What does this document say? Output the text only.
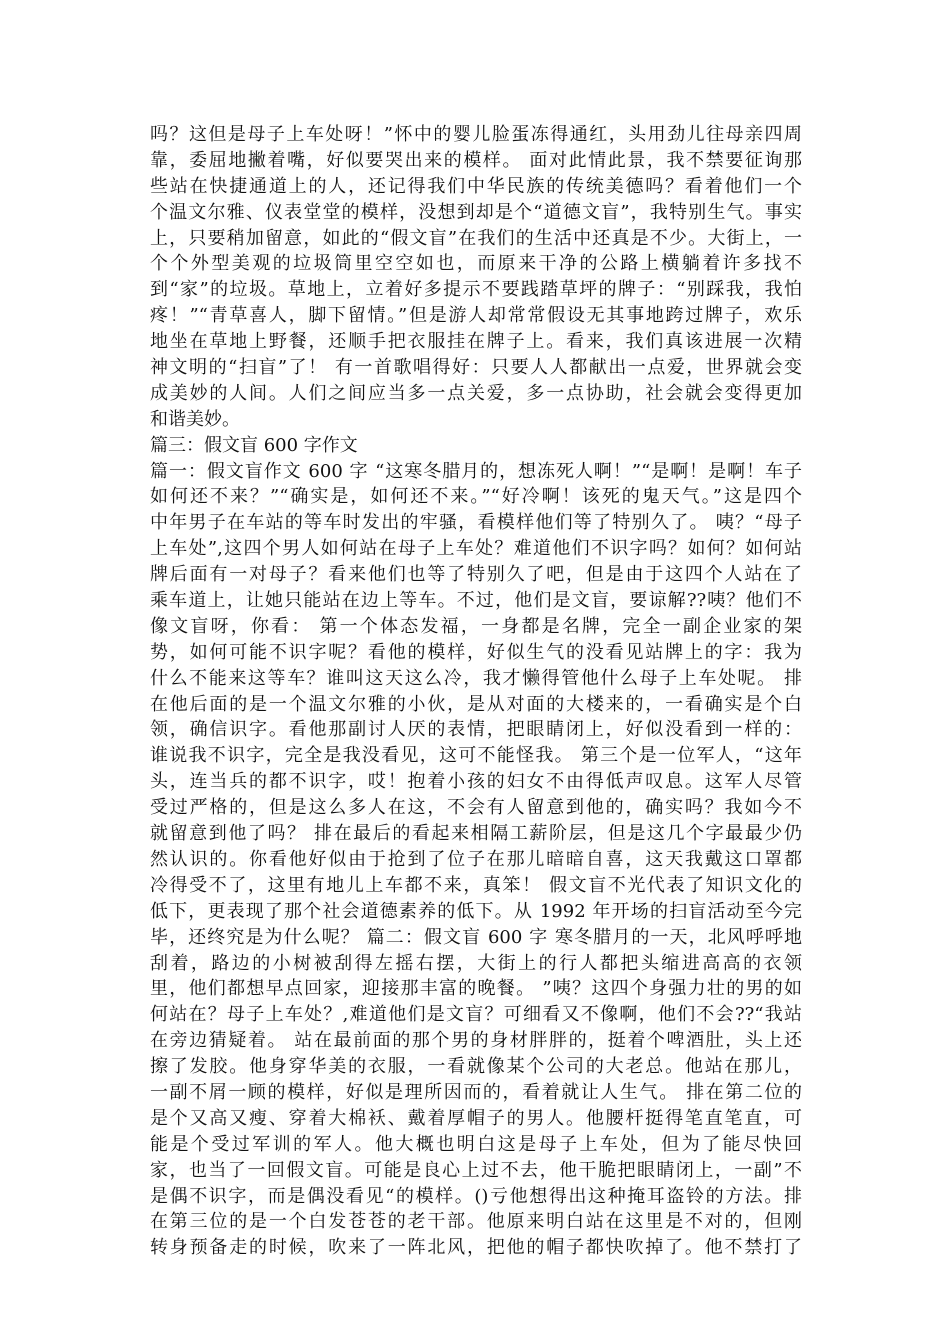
吗？这但是母子上车处呀！”怀中的婴儿脸蛋冻得通红，头用劲儿往母亲四周
靠，委屈地撇着嘴，好似要哭出来的模样。 面对此情此景，我不禁要征询那
些站在快捷通道上的人，还记得我们中华民族的传统美德吗？看着他们一个
个温文尔雅、仪表堂堂的模样，没想到却是个“道德文盲”，我特别生气。事实
上，只要稍加留意，如此的“假文盲”在我们的生活中还真是不少。大街上，一
个个外型美观的垃圾筒里空空如也，而原来干净的公路上横躺着许多找不
到“家”的垃圾。草地上，立着好多提示不要践踏草坪的牌子：“别踩我，我怕
疼！”“青草喜人，脚下留情。”但是游人却常常假设无其事地跨过牌子，欢乐
地坐在草地上野餐，还顺手把衣服挂在牌子上。看来，我们真该进展一次精
神文明的“扫盲”了！ 有一首歌唱得好：只要人人都献出一点爱，世界就会变
成美妙的人间。人们之间应当多一点关爱，多一点协助，社会就会变得更加
和谐美妙。
篇三：假文盲 600 字作文
篇一：假文盲作文 600 字 “这寒冬腊月的，想冻死人啊！”“是啊！是啊！车子
如何还不来？”“确实是，如何还不来。”“好冷啊！该死的鬼天气。”这是四个
中年男子在车站的等车时发出的牢骚，看模样他们等了特别久了。 咦？“母子
上车处”,这四个男人如何站在母子上车处？难道他们不识字吗？如何？如何站
牌后面有一对母子？看来他们也等了特别久了吧，但是由于这四个人站在了
乘车道上，让她只能站在边上等车。不过，他们是文盲，要谅解??咦？他们不
像文盲呀，你看： 第一个体态发福，一身都是名牌，完全一副企业家的架
势，如何可能不识字呢？看他的模样，好似生气的没看见站牌上的字：我为
什么不能来这等车？谁叫这天这么冷，我才懒得管他什么母子上车处呢。 排
在他后面的是一个温文尔雅的小伙，是从对面的大楼来的，一看确实是个白
领，确信识字。看他那副讨人厌的表情，把眼睛闭上，好似没看到一样的：
谁说我不识字，完全是我没看见，这可不能怪我。 第三个是一位军人，“这年
头，连当兵的都不识字，哎！抱着小孩的妇女不由得低声叹息。这军人尽管
受过严格的，但是这么多人在这，不会有人留意到他的，确实吗？我如今不
就留意到他了吗？ 排在最后的看起来相隔工薪阶层，但是这几个字最最少仍
然认识的。你看他好似由于抢到了位子在那儿暗暗自喜，这天我戴这口罩都
冷得受不了，这里有地儿上车都不来，真笨！ 假文盲不光代表了知识文化的
低下，更表现了那个社会道德素养的低下。从 1992 年开场的扫盲活动至今完
毕，还终究是为什么呢？ 篇二：假文盲 600 字 寒冬腊月的一天，北风呼呼地
刮着，路边的小树被刮得左摇右摆，大街上的行人都把头缩进高高的衣领
里，他们都想早点回家，迎接那丰富的晚餐。 ”咦？这四个身强力壮的男的如
何站在？母子上车处？,难道他们是文盲？可细看又不像啊，他们不会??“我站
在旁边猜疑着。 站在最前面的那个男的身材胖胖的，挺着个啤酒肚，头上还
擦了发胶。他身穿华美的衣服，一看就像某个公司的大老总。他站在那儿，
一副不屑一顾的模样，好似是理所因而的，看着就让人生气。 排在第二位的
是个又高又瘦、穿着大棉袄、戴着厚帽子的男人。他腰杆挺得笔直笔直，可
能是个受过军训的军人。他大概也明白这是母子上车处，但为了能尽快回
家，也当了一回假文盲。可能是良心上过不去，他干脆把眼睛闭上，一副”不
是偶不识字，而是偶没看见“的模样。()亏他想得出这种掩耳盗铃的方法。排
在第三位的是一个白发苍苍的老干部。他原来明白站在这里是不对的，但刚
转身预备走的时候，吹来了一阵北风，把他的帽子都快吹掉了。他不禁打了
